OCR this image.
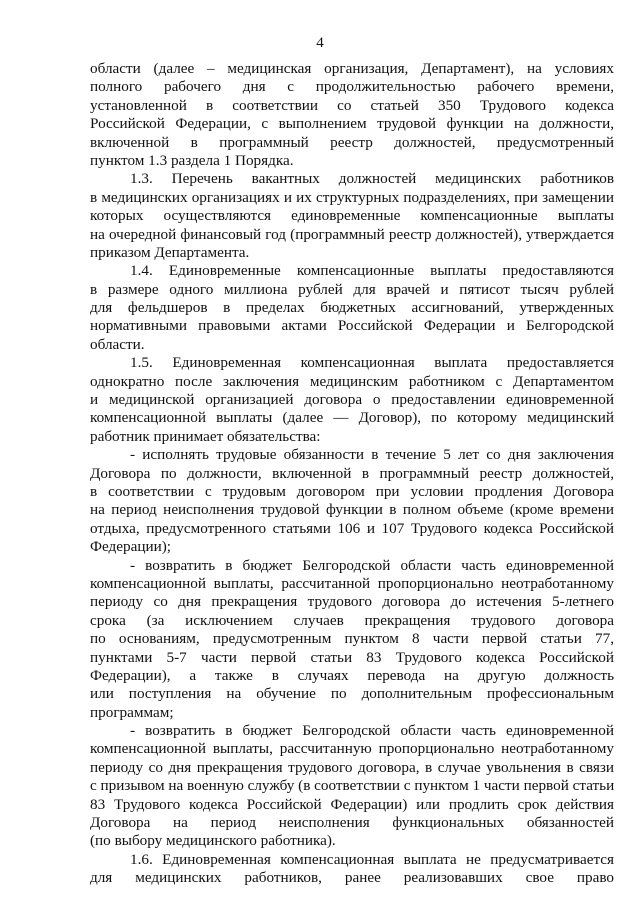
4
области (далее – медицинская организация, Департамент), на условиях
полного рабочего дня с продолжительностью рабочего времени,
установленной в соответствии со статьей 350 Трудового кодекса
Российской Федерации, с выполнением трудовой функции на должности,
включенной в программный реестр должностей, предусмотренный
пунктом 1.3 раздела 1 Порядка.
1.3. Перечень вакантных должностей медицинских работников
в медицинских организациях и их структурных подразделениях, при замещении
которых осуществляются единовременные компенсационные выплаты
на очередной финансовый год (программный реестр должностей), утверждается
приказом Департамента.
1.4. Единовременные компенсационные выплаты предоставляются
в размере одного миллиона рублей для врачей и пятисот тысяч рублей
для фельдшеров в пределах бюджетных ассигнований, утвержденных
нормативными правовыми актами Российской Федерации и Белгородской
области.
1.5. Единовременная компенсационная выплата предоставляется
однократно после заключения медицинским работником с Департаментом
и медицинской организацией договора о предоставлении единовременной
компенсационной выплаты (далее — Договор), по которому медицинский
работник принимает обязательства:
- исполнять трудовые обязанности в течение 5 лет со дня заключения
Договора по должности, включенной в программный реестр должностей,
в соответствии с трудовым договором при условии продления Договора
на период неисполнения трудовой функции в полном объеме (кроме времени
отдыха, предусмотренного статьями 106 и 107 Трудового кодекса Российской
Федерации);
- возвратить в бюджет Белгородской области часть единовременной
компенсационной выплаты, рассчитанной пропорционально неотработанному
периоду со дня прекращения трудового договора до истечения 5-летнего
срока (за исключением случаев прекращения трудового договора
по основаниям, предусмотренным пунктом 8 части первой статьи 77,
пунктами 5-7 части первой статьи 83 Трудового кодекса Российской
Федерации), а также в случаях перевода на другую должность
или поступления на обучение по дополнительным профессиональным
программам;
- возвратить в бюджет Белгородской области часть единовременной
компенсационной выплаты, рассчитанную пропорционально неотработанному
периоду со дня прекращения трудового договора, в случае увольнения в связи
с призывом на военную службу (в соответствии с пунктом 1 части первой статьи
83 Трудового кодекса Российской Федерации) или продлить срок действия
Договора на период неисполнения функциональных обязанностей
(по выбору медицинского работника).
1.6. Единовременная компенсационная выплата не предусматривается
для медицинских работников, ранее реализовавших свое право
